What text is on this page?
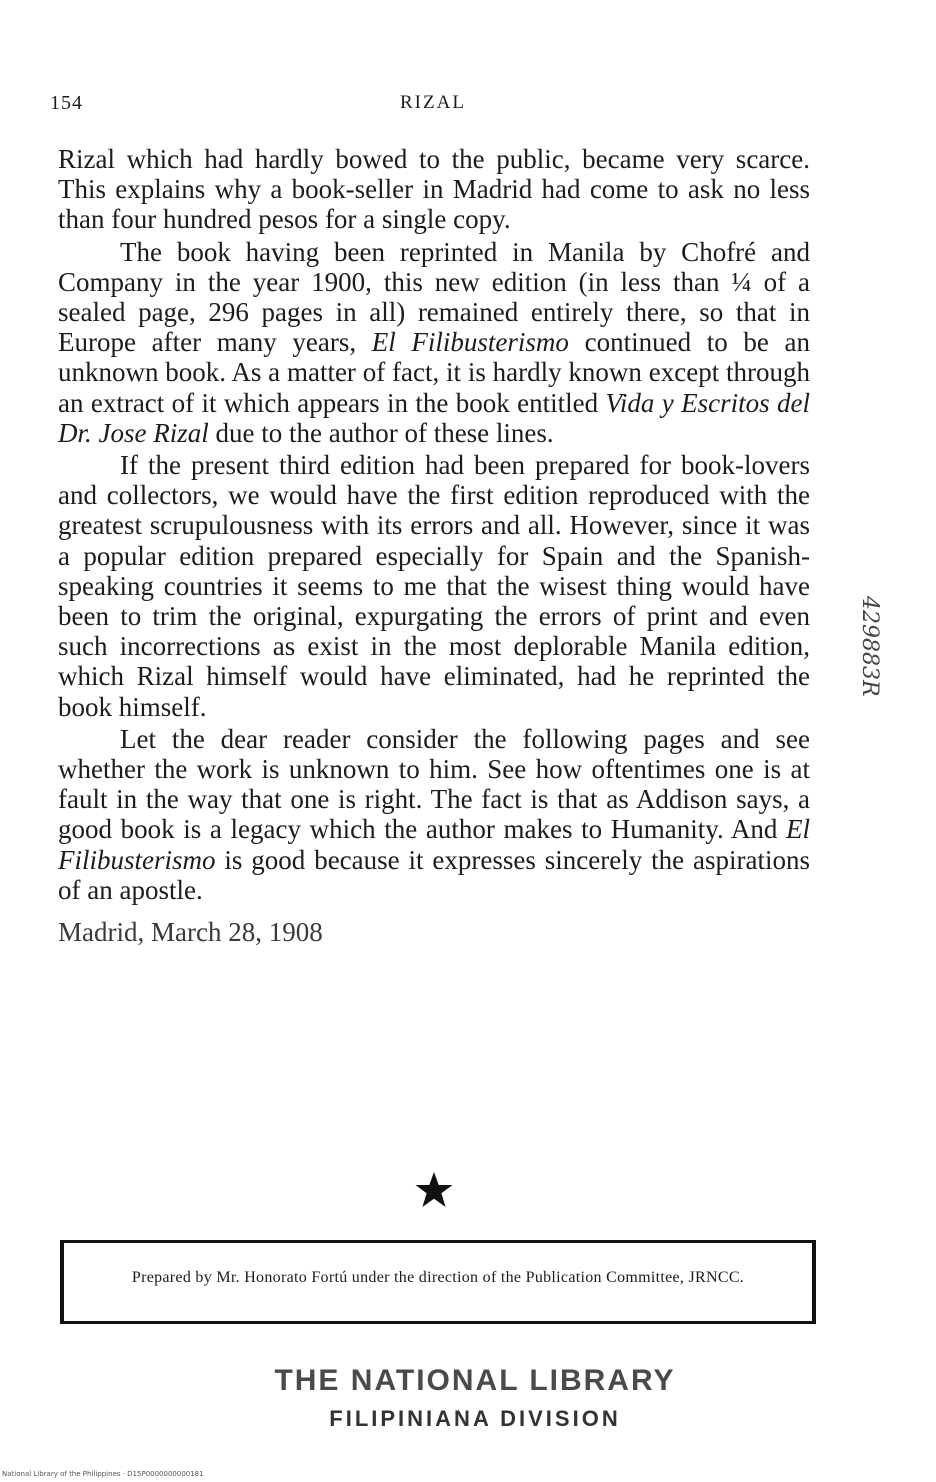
154	RIZAL

Rizal which had hardly bowed to the public, became very scarce. This explains why a book-seller in Madrid had come to ask no less than four hundred pesos for a single copy.

The book having been reprinted in Manila by Chofré and Company in the year 1900, this new edition (in less than ¼ of a sealed page, 296 pages in all) remained entirely there, so that in Europe after many years, El Filibusterismo continued to be an unknown book. As a matter of fact, it is hardly known except through an extract of it which appears in the book entitled Vida y Escritos del Dr. Jose Rizal due to the author of these lines.

If the present third edition had been prepared for book-lovers and collectors, we would have the first edition reproduced with the greatest scrupulousness with its errors and all. However, since it was a popular edition prepared especially for Spain and the Spanish-speaking countries it seems to me that the wisest thing would have been to trim the original, expurgating the errors of print and even such incorrections as exist in the most deplorable Manila edition, which Rizal himself would have eliminated, had he reprinted the book himself.

Let the dear reader consider the following pages and see whether the work is unknown to him. See how oftentimes one is at fault in the way that one is right. The fact is that as Addison says, a good book is a legacy which the author makes to Humanity. And El Filibusterismo is good because it expresses sincerely the aspirations of an apostle.

Madrid, March 28, 1908

Prepared by Mr. Honorato Fortú under the direction of the Publication Committee, JRNCC.
THE NATIONAL LIBRARY
FILIPINIANA DIVISION
429883R
National Library of the Philippines · D15P0000000000181
